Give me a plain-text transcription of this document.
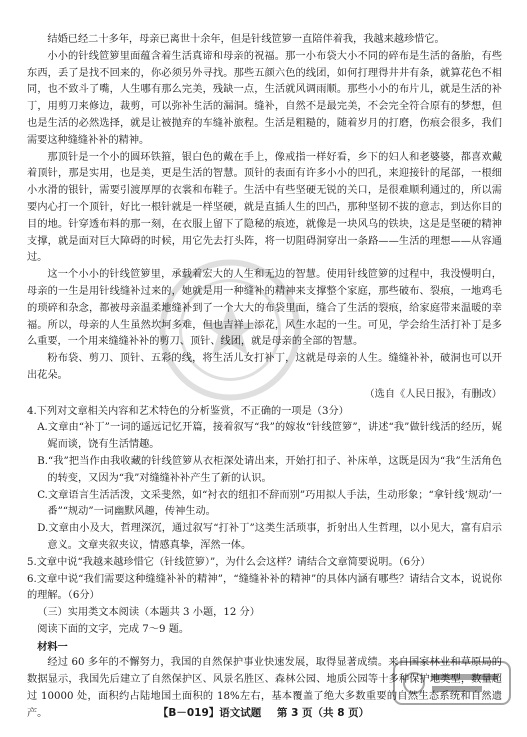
结婚已经二十多年，母亲已离世十余年，但是针线笸箩一直陪伴着我，我越来越珍惜它。

小小的针线笸箩里面蕴含着生活真谛和母亲的祝福。那一小布袋大小不同的碎布是生活的备胎，有些东西，丢了是找不回来的，你必须另外寻找。那些五颜六色的线团，如何打理得井井有条，就算花色不相同，也不致斗了嘴，人生哪有那么完美，残缺一点，生活就风调雨顺。那些小小的布片儿，就是生活的补丁，用剪刀来修边，裁剪，可以弥补生活的漏洞。缝补，自然不是最完美，不会完全符合原有的梦想，但也是生活的必然选择，就是让被抛弃的车缝补旅程。生活是粗糙的，随着岁月的打磨，伤痕会很多，我们需要这种缝缝补补的精神。

那顶针是一个小的圆环铁箍，银白色的戴在手上，像戒指一样好看，乡下的妇人和老婆婆，都喜欢戴着顶针，那是实用，也是美，更是生活的智慧。顶针的表面有许多小小的凹孔，来迎接针的尾部，一根细小水滑的银针，需要引渡厚厚的衣裳和布鞋子。生活中有些坚硬无锐的关口，是很难顺利通过的，所以需要内心打一个顶针，好比一根针就是一样坚硬，就是直插人生的凹凸，那种坚韧不拔的意志，到达你目的目的地。针穿透布料的那一刻，在衣服上留下了隐秘的痕迹，就像是一块风乌的铁块，这是是坚硬的精神支撑，就是面对巨大障碍的时候，用它先去打头阵，将一切阻碍洞穿出一条路——生活的理想——从容通过。

这一个小小的针线笸箩里，承载着宏大的人生和无边的智慧。使用针线笸箩的过程中，我没慢明白，母亲的一生是用针线缝补过来的，她就是用一种缝补的精神来支撑整个家庭，那些破布、裂痕，一地鸡毛的琐碎和杂念，都被母亲温柔地缝补到了一个大大的布袋里面，缝合了生活的裂痕，给家庭带来温暖的幸福。所以，母亲的人生虽然坎坷多难，但也吉祥上添花，风生水起的一生。可见，学会给生活打补丁是多么重要，一个用来缝缝补补的剪刀、顶针、线团，就是母亲的全部的智慧。

粉布袋、剪刀、顶针、五彩的线，将生活儿女打补丁，这就是母亲的人生。缝缝补补，破洞也可以开出花朵。

（选自《人民日报》，有删改）

4.下列对文章相关内容和艺术特色的分析鉴赏，不正确的一项是（3分）

A.文章由“补丁”一词的遥远记忆开篇，接着叙写“我”的嫁妆“针线笸箩”，讲述“我”做针线活的经历，娓娓而谈，饶有生活情趣。

B.“我”把当作由我收藏的针线笸箩从衣柜深处请出来，开始打扣子、补床单，这既是因为“我”生活角色的转变，又因为“我”对缝缝补补产生了新的认识。

C.文章语言生活活泼，文采斐然，如“衬衣的纽扣不辞而别”巧用拟人手法，生动形象；“拿针线‘规动’一番”“规动”一词幽默风趣，传神生动。

D.文章由小及大，哲理深沉，通过叙写“打补丁”这类生活琐事，折射出人生哲理，以小见大，富有启示意义。文章夹叙夹议，情感真挚，浑然一体。

5.文章中说“我越来越珍惜它（针线笸箩）”，为什么会这样？请结合文章简要说明。（6分）

6.文章中说“我们需要这种缝缝补补的精神”，“缝缝补补的精神”的具体内涵有哪些？请结合文本，说说你的理解。（6分）

（三）实用类文本阅读（本题共 3 小题，12 分）

阅读下面的文字，完成 7～9 题。

材料一

经过 60 多年的不懈努力，我国的自然保护事业快速发展，取得显著成绩。来自国家林业和草原局的数据显示，我国先后建立了自然保护区、风景名胜区、森林公园、地质公园等十多种保护地类型，数量超过 10000 处，面积约占陆地国土面积的 18%左右，基本覆盖了绝大多数重要的自然生态系统和自然遗产。	【B－019】语文试题 第 3 页（共 8 页）
